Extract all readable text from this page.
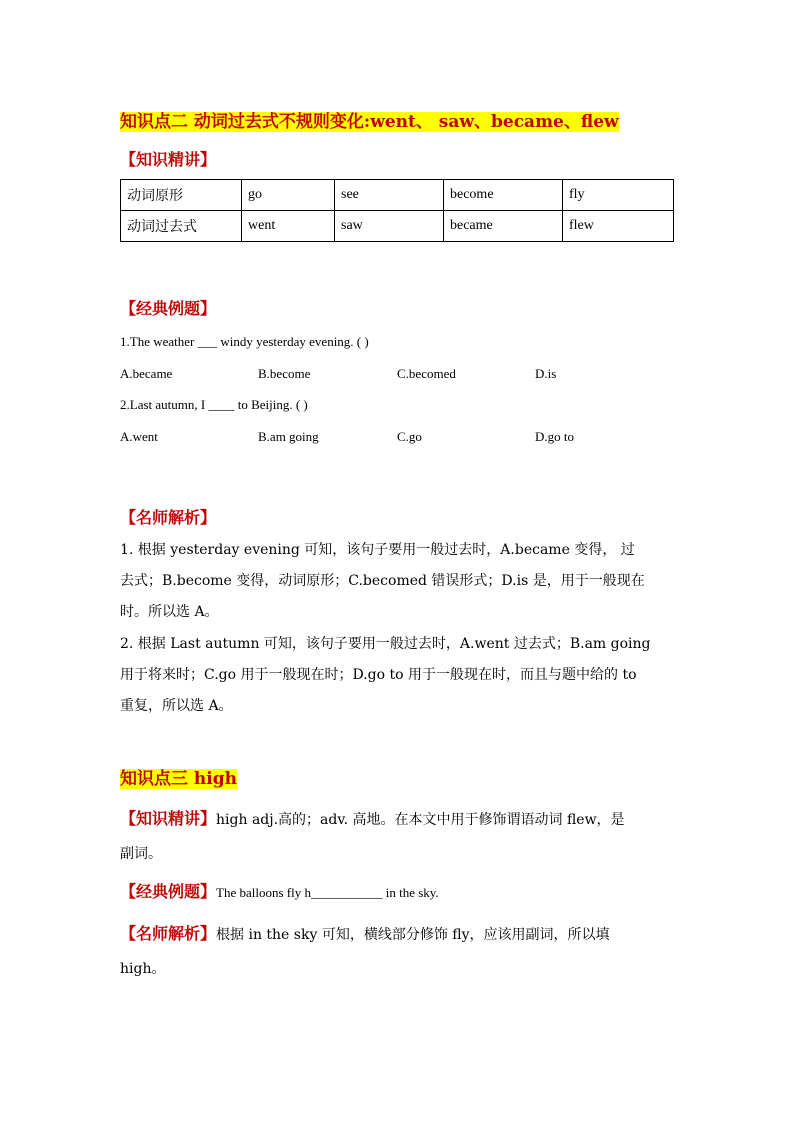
知识点二 动词过去式不规则变化:went、 saw、became、flew
【知识精讲】
动词原形	go	see	become	fly
动词过去式	went	saw	became	flew
【经典例题】
1.The weather ___ windy yesterday evening. ( )
A.became	B.become	C.becomed	D.is
2.Last autumn, I ____ to Beijing. ( )
A.went	B.am going	C.go	D.go to
【名师解析】
1. 根据 yesterday evening 可知，该句子要用一般过去时，A.became 变得， 过
去式；B.become 变得，动词原形；C.becomed 错误形式；D.is 是，用于一般现在
时。所以选 A。
2. 根据 Last autumn 可知，该句子要用一般过去时，A.went 过去式；B.am going
用于将来时；C.go 用于一般现在时；D.go to 用于一般现在时，而且与题中给的 to
重复，所以选 A。
知识点三 high
【知识精讲】high adj.高的；adv. 高地。在本文中用于修饰谓语动词 flew，是
副词。
【经典例题】The balloons fly h___________ in the sky.
【名师解析】根据 in the sky 可知，横线部分修饰 fly，应该用副词，所以填
high。
